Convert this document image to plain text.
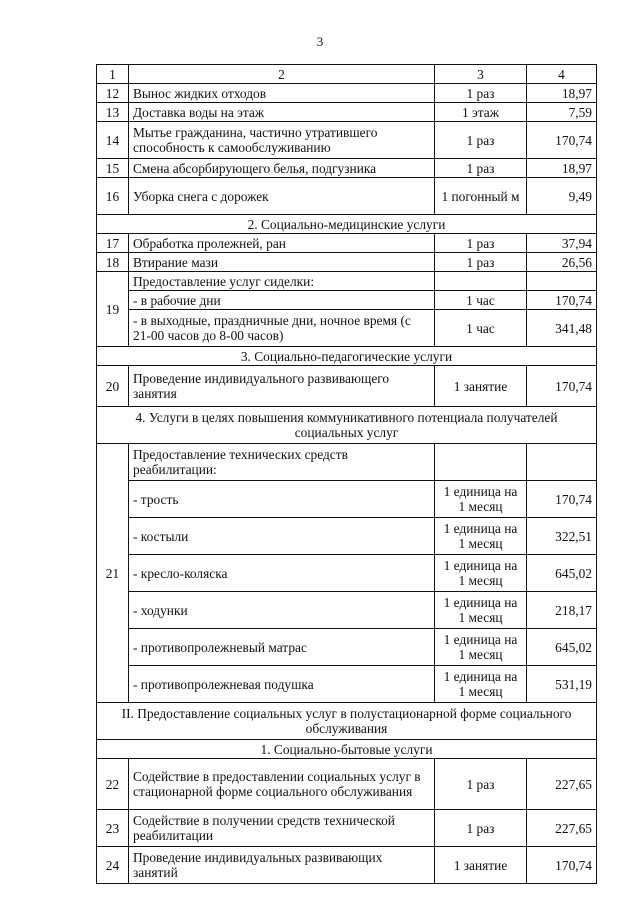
3
1	2	3	4
12	Вынос жидких отходов	1 раз	18,97
13	Доставка воды на этаж	1 этаж	7,59
14	Мытье гражданина, частично утратившего способность к самообслуживанию	1 раз	170,74
15	Смена абсорбирующего белья, подгузника	1 раз	18,97
16	Уборка снега с дорожек	1 погонный м	9,49
2. Социально-медицинские услуги			
17	Обработка пролежней, ран	1 раз	37,94
18	Втирание мази	1 раз	26,56
19	Предоставление услуг сиделки:		
	- в рабочие дни	1 час	170,74
	- в выходные, праздничные дни, ночное время (с 21-00 часов до 8-00 часов)	1 час	341,48
3. Социально-педагогические услуги			
20	Проведение индивидуального развивающего занятия	1 занятие	170,74
4. Услуги в целях повышения коммуникативного потенциала получателей социальных услуг			
21	Предоставление технических средств реабилитации:		
	- трость	1 единица на 1 месяц	170,74
	- костыли	1 единица на 1 месяц	322,51
	- кресло-коляска	1 единица на 1 месяц	645,02
	- ходунки	1 единица на 1 месяц	218,17
	- противопролежневый матрас	1 единица на 1 месяц	645,02
	- противопролежневая подушка	1 единица на 1 месяц	531,19
II. Предоставление социальных услуг в полустационарной форме социального обслуживания			
1. Социально-бытовые услуги			
22	Содействие в предоставлении социальных услуг в стационарной форме социального обслуживания	1 раз	227,65
23	Содействие в получении средств технической реабилитации	1 раз	227,65
24	Проведение индивидуальных развивающих занятий	1 занятие	170,74
